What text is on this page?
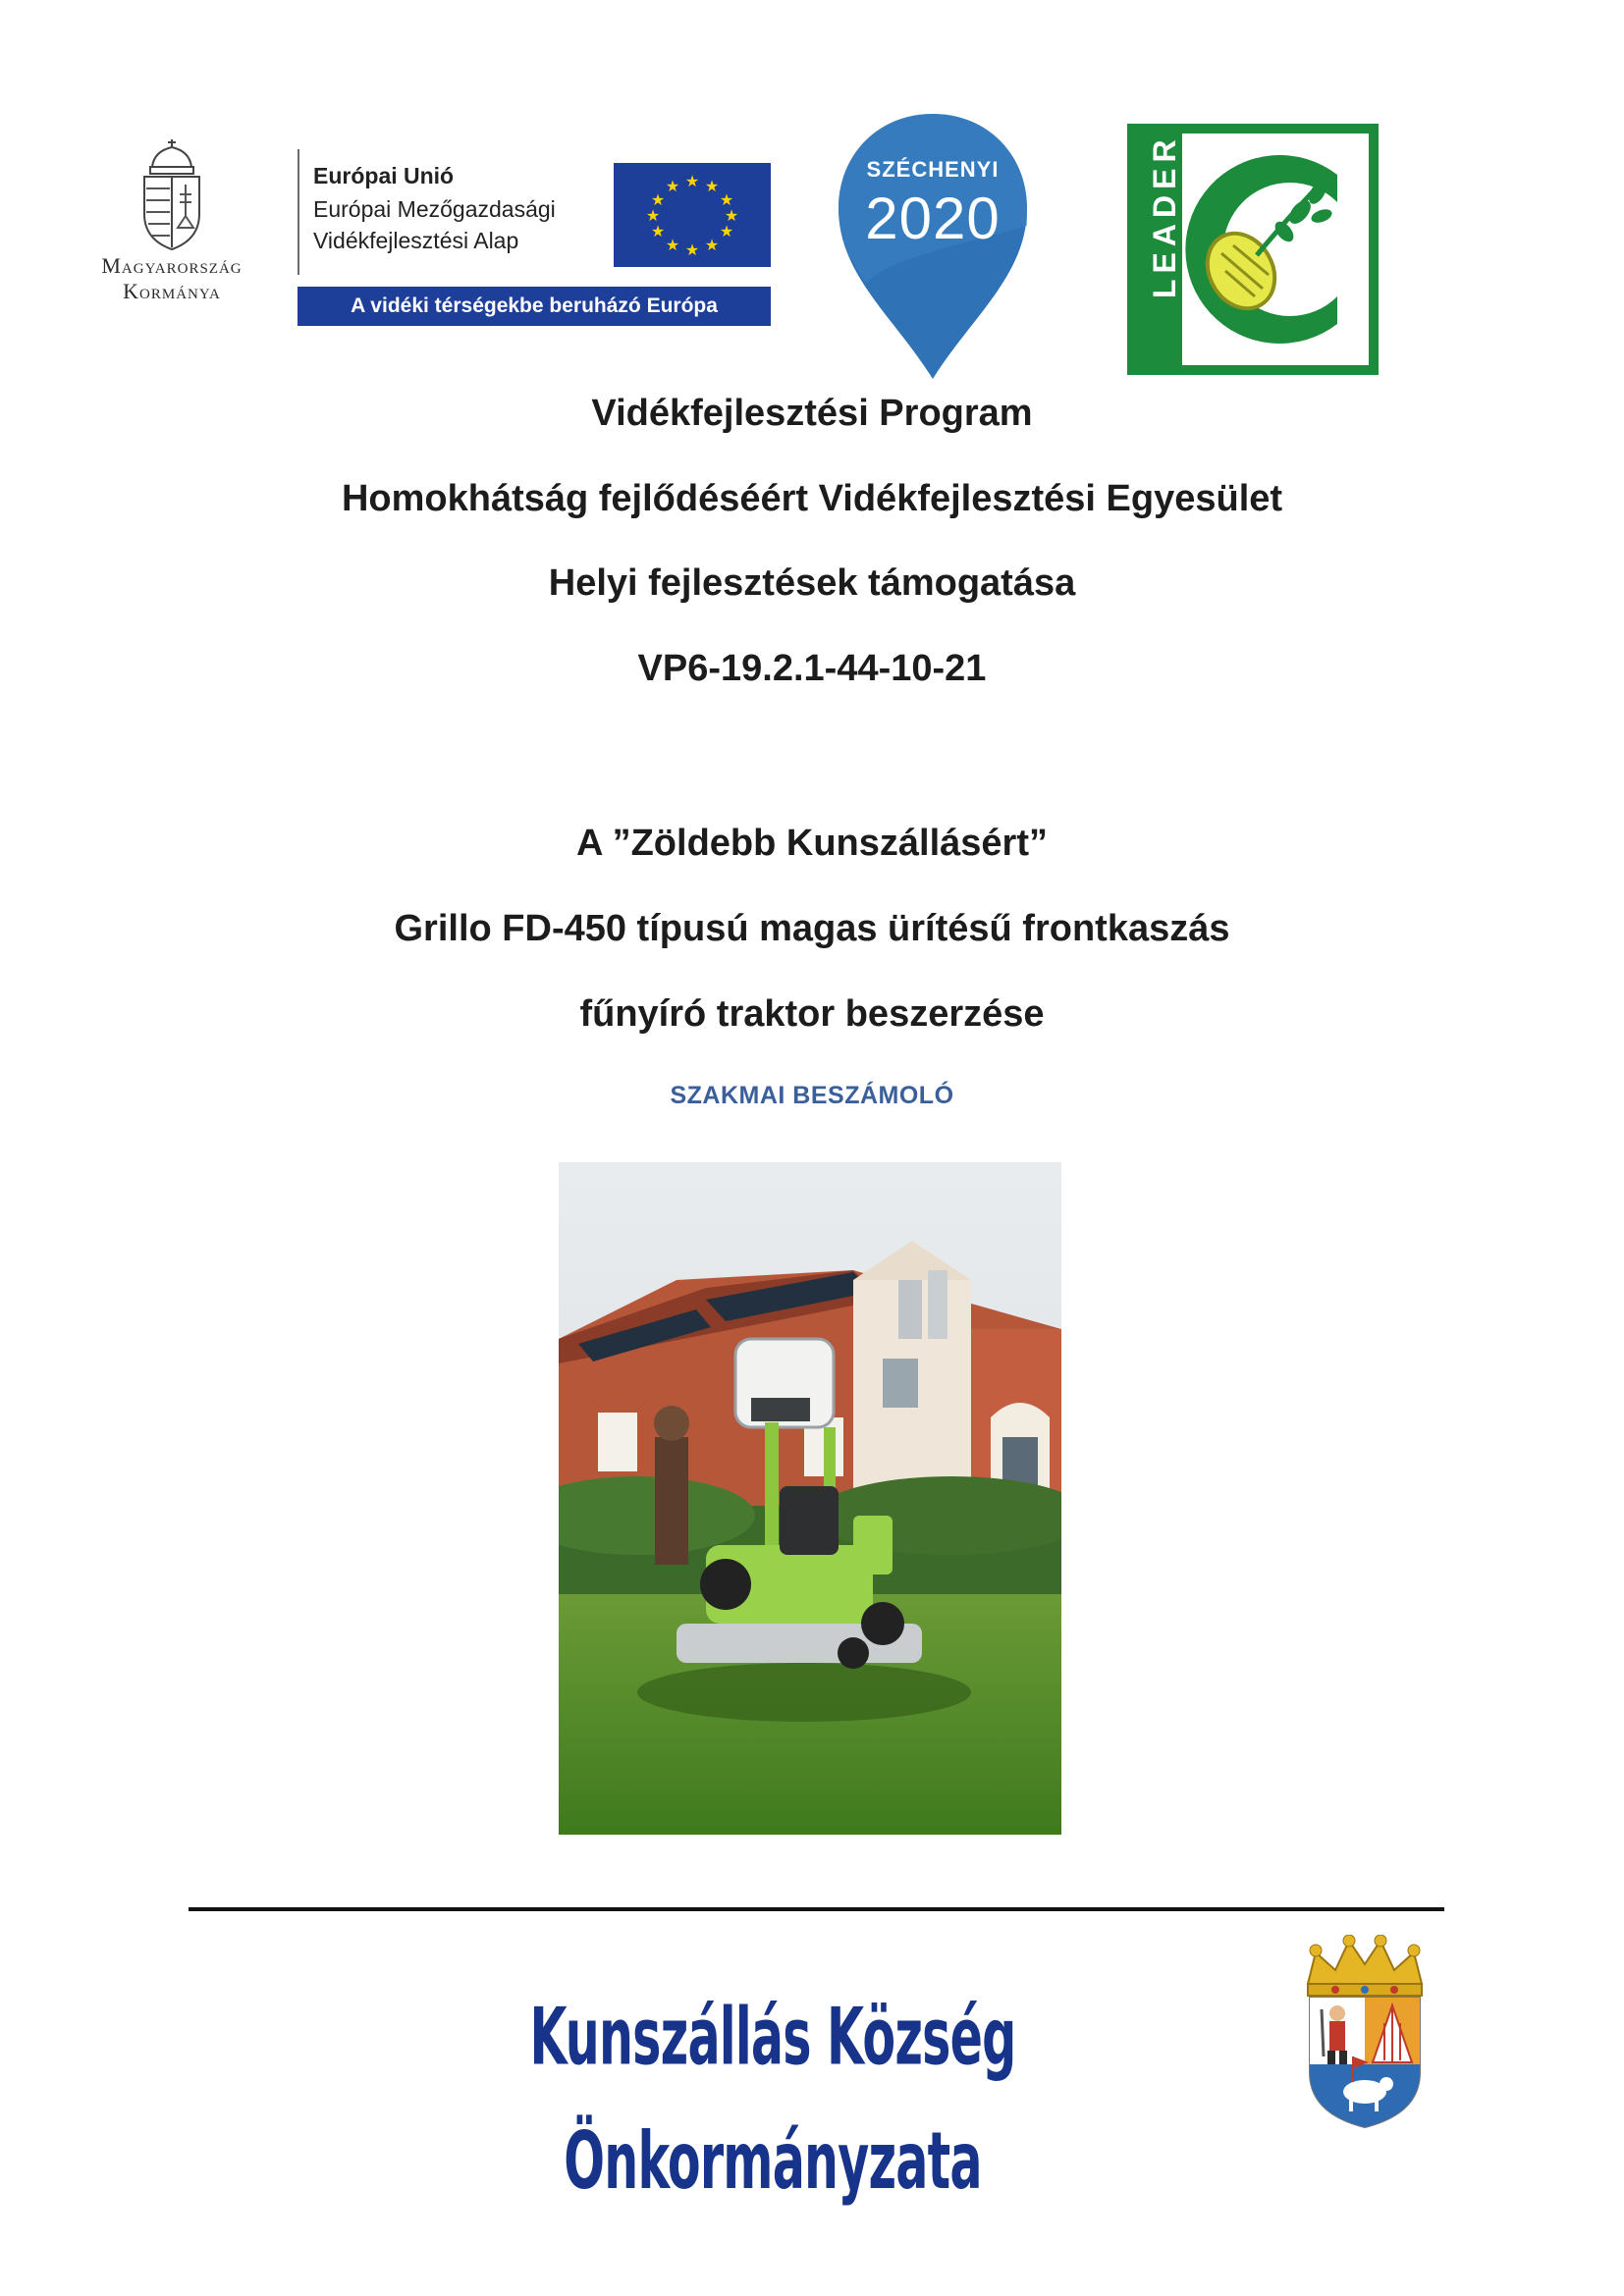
Magyarország
Kormánya
Európai Unió
Európai Mezőgazdasági
Vidékfejlesztési Alap
★ ★
★
★
★
★
★
★
★
★
★
★
A vidéki térségekbe beruházó Európa
SZÉCHENYI
2020	LEADER
Vidékfejlesztési Program
Homokhátság fejlődéséért Vidékfejlesztési Egyesület
Helyi fejlesztések támogatása
VP6-19.2.1-44-10-21
A ”Zöldebb Kunszállásért”
Grillo FD-450 típusú magas ürítésű frontkaszás
fűnyíró traktor beszerzése
SZAKMAI BESZÁMOLÓ
Kunszállás Község Önkormányzata
